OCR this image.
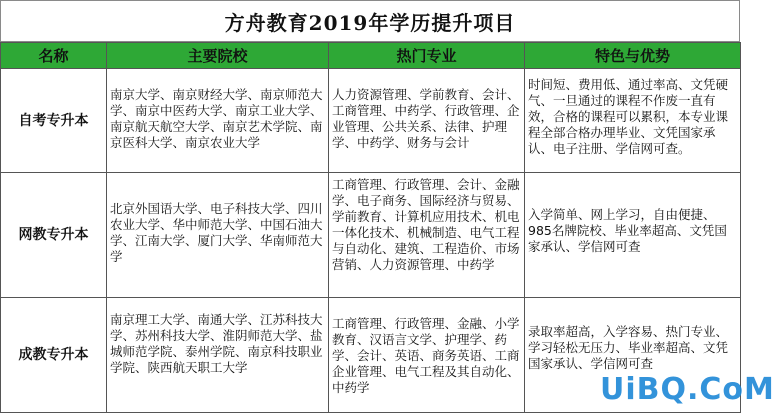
方舟教育2019年学历提升项目
名称	主要院校	热门专业	特色与优势

自考专升本	南京大学、南京财经大学、南京师范大学、南京中医药大学、南京工业大学、南京航天航空大学、南京艺术学院、南京医科大学、南京农业大学	人力资源管理、学前教育、会计、工商管理、中药学、行政管理、企业管理、公共关系、法律、护理学、中药学、财务与会计	时间短、费用低、通过率高、文凭硬气、一旦通过的课程不作废一直有效，合格的课程可以累积，本专业课程全部合格办理毕业、文凭国家承认、电子注册、学信网可查。

网教专升本	北京外国语大学、电子科技大学、四川农业大学、华中师范大学、中国石油大学、江南大学、厦门大学、华南师范大学	工商管理、行政管理、会计、金融学、电子商务、国际经济与贸易、学前教育、计算机应用技术、机电一体化技术、机械制造、电气工程与自动化、建筑、工程造价、市场营销、人力资源管理、中药学	入学简单、网上学习，自由便捷、985名牌院校、毕业率超高、文凭国家承认、学信网可查

成教专升本	南京理工大学、南通大学、江苏科技大学、苏州科技大学、淮阴师范大学、盐城师范学院、泰州学院、南京科技职业学院、陕西航天职工大学	工商管理、行政管理、金融、小学教育、汉语言文学、护理学、药学、会计、英语、商务英语、工商企业管理、电气工程及其自动化、中药学	录取率超高，入学容易、热门专业、学习轻松无压力、毕业率超高、文凭国家承认、学信网可查
UiBQ.CoM
